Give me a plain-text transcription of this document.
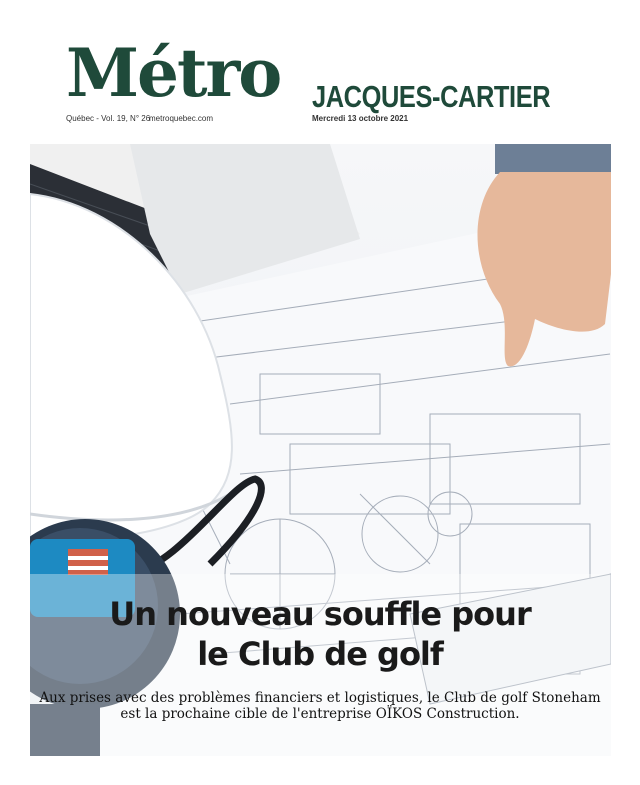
Métro JACQUES-CARTIER
Québec - Vol. 19, N° 26
metroquebec.com	Mercredi 13 octobre 2021
Un nouveau souffle pour
le Club de golf
Aux prises avec des problèmes financiers et logistiques, le Club de golf Stoneham
est la prochaine cible de l'entreprise OÏKOS Construction.
